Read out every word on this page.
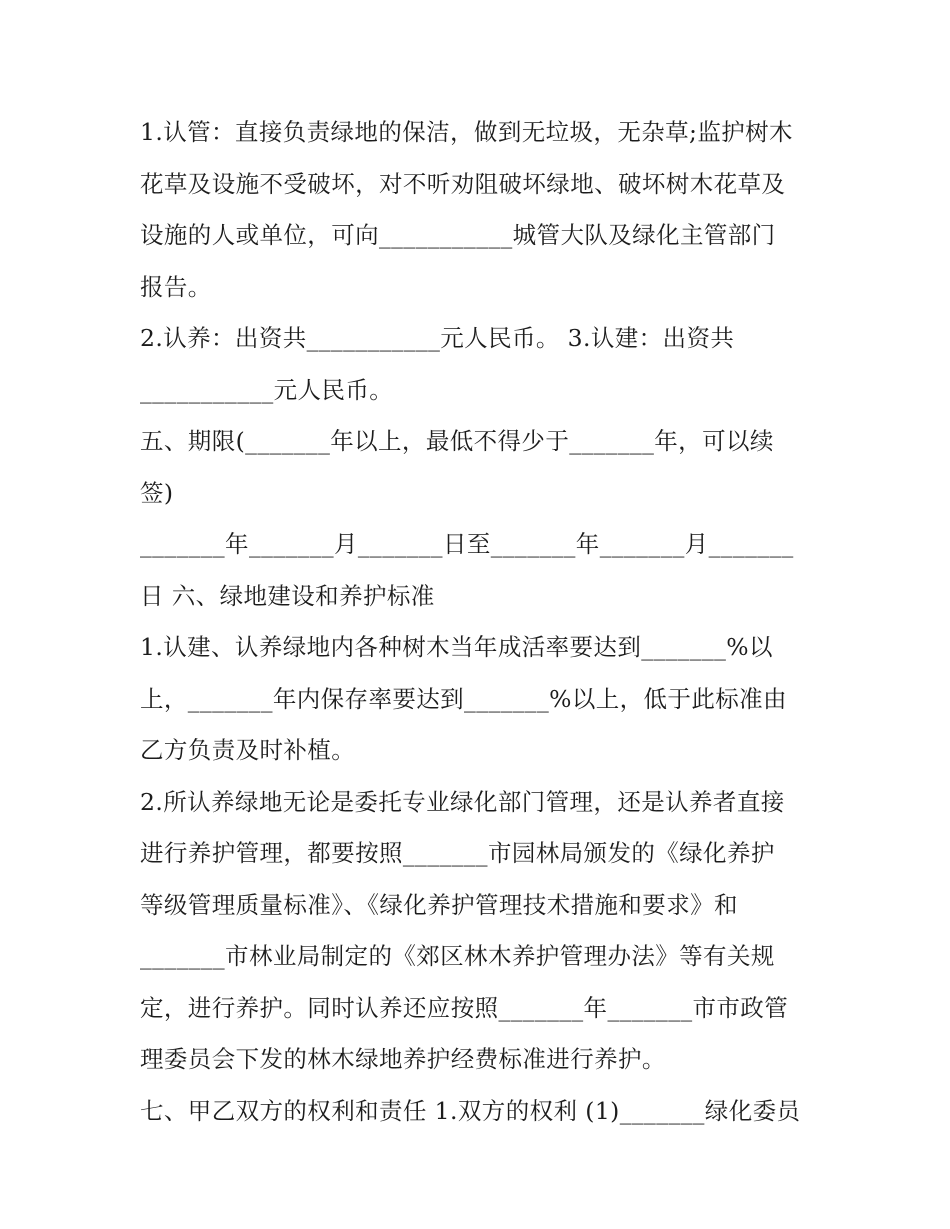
1.认管：直接负责绿地的保洁，做到无垃圾，无杂草;监护树木
花草及设施不受破坏，对不听劝阻破坏绿地、破坏树木花草及
设施的人或单位，可向___________城管大队及绿化主管部门
报告。
2.认养：出资共___________元人民币。 3.认建：出资共
___________元人民币。
五、期限(_______年以上，最低不得少于_______年，可以续
签)
_______年_______月_______日至_______年_______月_______
日 六、绿地建设和养护标准
1.认建、认养绿地内各种树木当年成活率要达到_______%以
上，_______年内保存率要达到_______%以上，低于此标准由
乙方负责及时补植。
2.所认养绿地无论是委托专业绿化部门管理，还是认养者直接
进行养护管理，都要按照_______市园林局颁发的《绿化养护
等级管理质量标准》、《绿化养护管理技术措施和要求》和
_______市林业局制定的《郊区林木养护管理办法》等有关规
定，进行养护。同时认养还应按照_______年_______市市政管
理委员会下发的林木绿地养护经费标准进行养护。
七、甲乙双方的权利和责任 1.双方的权利 (1)_______绿化委员
